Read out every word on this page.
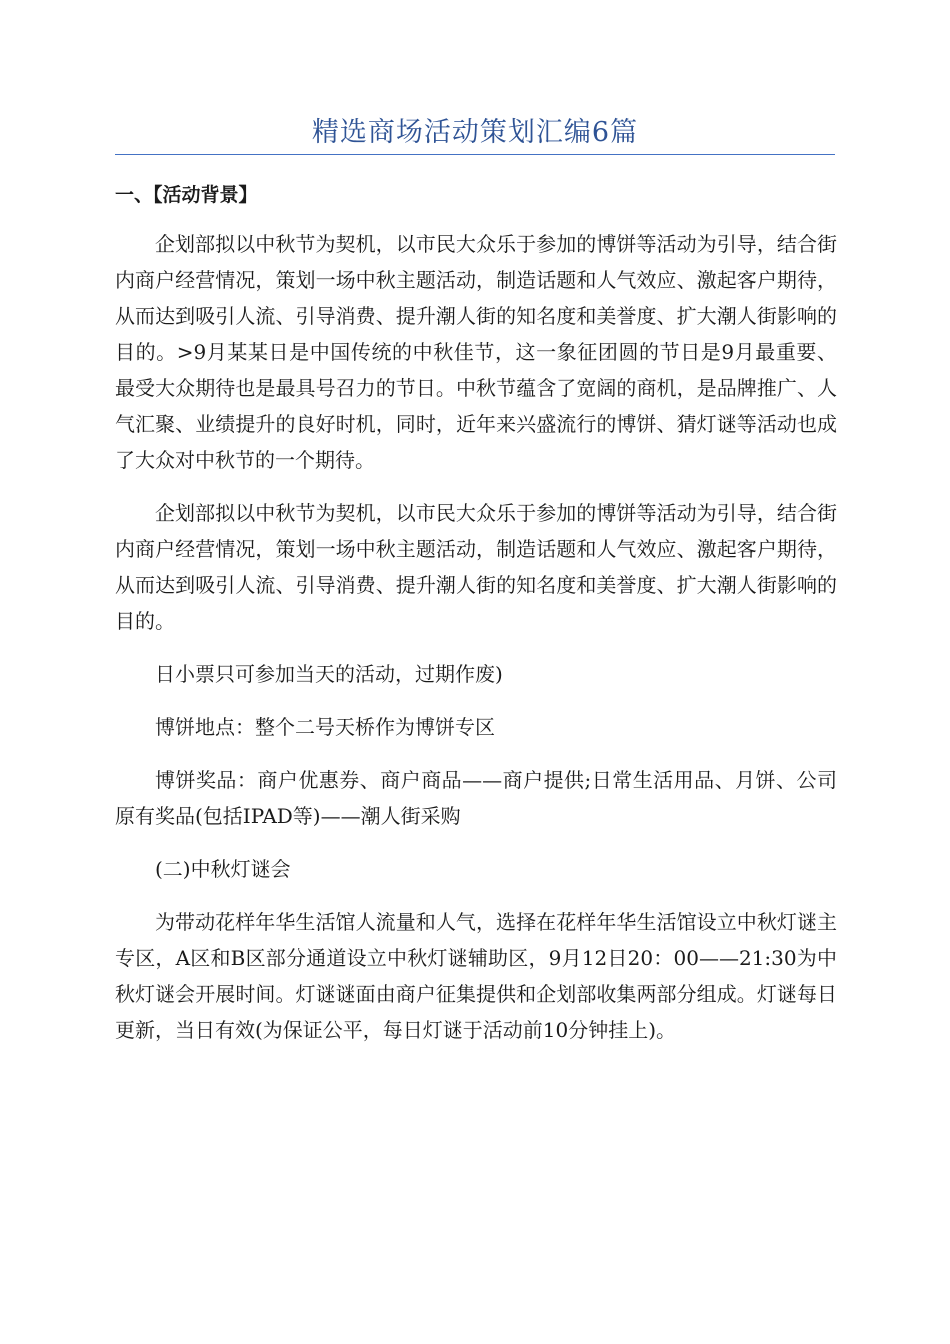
精选商场活动策划汇编6篇
一、【活动背景】

企划部拟以中秋节为契机，以市民大众乐于参加的博饼等活动为引导，结合街内商户经营情况，策划一场中秋主题活动，制造话题和人气效应、激起客户期待，从而达到吸引人流、引导消费、提升潮人街的知名度和美誉度、扩大潮人街影响的目的。>9月某某日是中国传统的中秋佳节，这一象征团圆的节日是9月最重要、最受大众期待也是最具号召力的节日。中秋节蕴含了宽阔的商机，是品牌推广、人气汇聚、业绩提升的良好时机，同时，近年来兴盛流行的博饼、猜灯谜等活动也成了大众对中秋节的一个期待。

企划部拟以中秋节为契机，以市民大众乐于参加的博饼等活动为引导，结合街内商户经营情况，策划一场中秋主题活动，制造话题和人气效应、激起客户期待，从而达到吸引人流、引导消费、提升潮人街的知名度和美誉度、扩大潮人街影响的目的。

日小票只可参加当天的活动，过期作废)

博饼地点：整个二号天桥作为博饼专区

博饼奖品：商户优惠券、商户商品——商户提供;日常生活用品、月饼、公司原有奖品(包括IPAD等)——潮人街采购

(二)中秋灯谜会

为带动花样年华生活馆人流量和人气，选择在花样年华生活馆设立中秋灯谜主专区，A区和B区部分通道设立中秋灯谜辅助区，9月12日20：00——21:30为中秋灯谜会开展时间。灯谜谜面由商户征集提供和企划部收集两部分组成。灯谜每日更新，当日有效(为保证公平，每日灯谜于活动前10分钟挂上)。
